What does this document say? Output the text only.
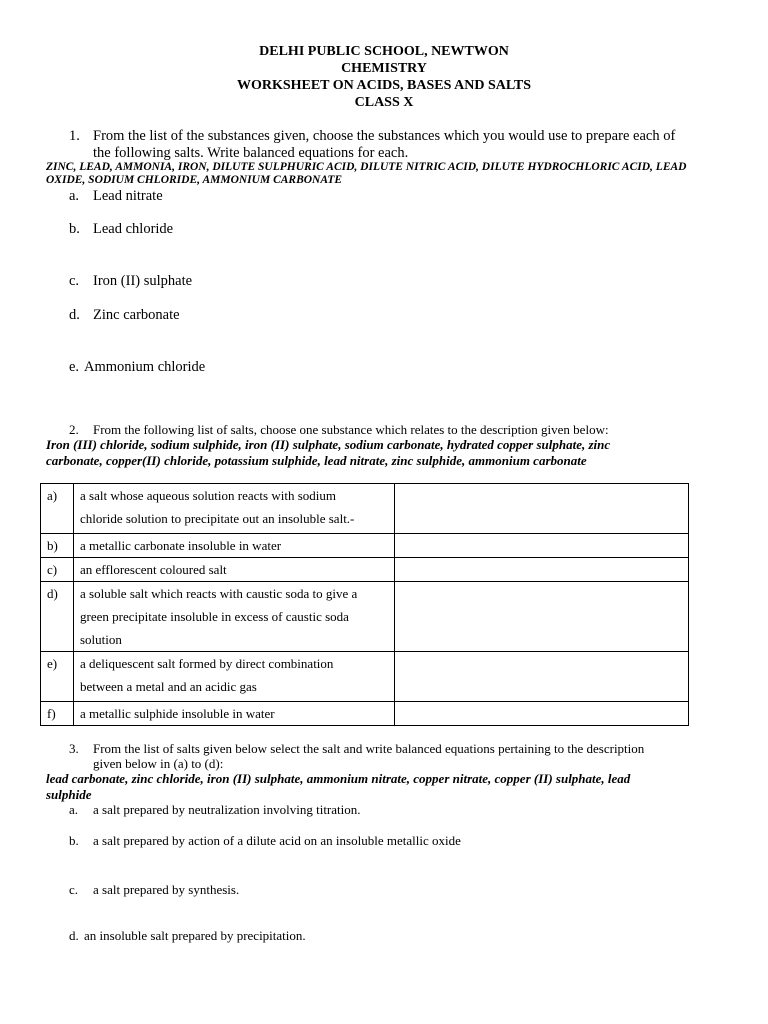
DELHI PUBLIC SCHOOL, NEWTWON
CHEMISTRY
WORKSHEET ON ACIDS, BASES AND SALTS
CLASS X
1. From the list of the substances given, choose the substances which you would use to prepare each of
the following salts. Write balanced equations for each.
ZINC, LEAD, AMMONIA, IRON, DILUTE SULPHURIC ACID, DILUTE NITRIC ACID, DILUTE HYDROCHLORIC ACID, LEAD
OXIDE, SODIUM CHLORIDE, AMMONIUM CARBONATE
a. Lead nitrate
b. Lead chloride
c. Iron (II) sulphate
d. Zinc carbonate
e. Ammonium chloride
2. From the following list of salts, choose one substance which relates to the description given below:
Iron (III) chloride, sodium sulphide, iron (II) sulphate, sodium carbonate, hydrated copper sulphate, zinc
carbonate, copper(II) chloride, potassium sulphide, lead nitrate, zinc sulphide, ammonium carbonate
a)	a salt whose aqueous solution reacts with sodium
chloride solution to precipitate out an insoluble salt.-	

b)	a metallic carbonate insoluble in water	

c)	an efflorescent coloured salt	

d)	a soluble salt which reacts with caustic soda to give a
green precipitate insoluble in excess of caustic soda
solution	

e)	a deliquescent salt formed by direct combination
between a metal and an acidic gas	

f)	a metallic sulphide insoluble in water	

3. From the list of salts given below select the salt and write balanced equations pertaining to the description
given below in (a) to (d):
lead carbonate, zinc chloride, iron (II) sulphate, ammonium nitrate, copper nitrate, copper (II) sulphate, lead
sulphide
a. a salt prepared by neutralization involving titration.
b. a salt prepared by action of a dilute acid on an insoluble metallic oxide
c. a salt prepared by synthesis.
d. an insoluble salt prepared by precipitation.
